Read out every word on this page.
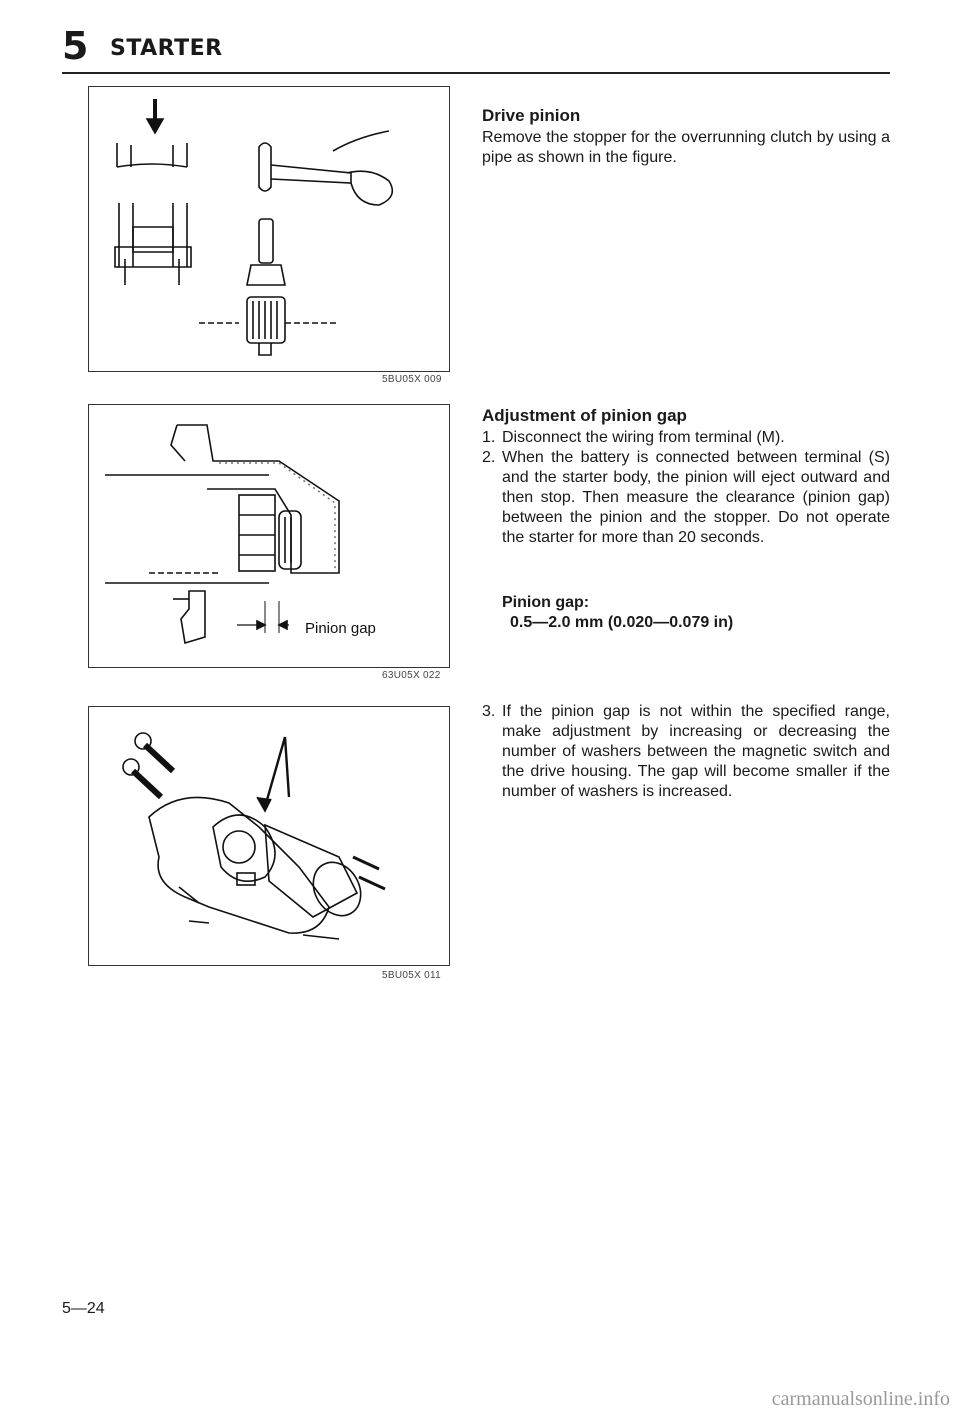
5 STARTER
5BU05X 009
Pinion gap
63U05X 022
5BU05X 011
Drive pinion
Remove the stopper for the overrunning clutch by using a pipe as shown in the figure.
Adjustment of pinion gap
1. Disconnect the wiring from terminal (M).
2. When the battery is connected between terminal (S) and the starter body, the pinion will eject outward and then stop. Then measure the clearance (pinion gap) between the pinion and the stopper. Do not operate the starter for more than 20 seconds.
Pinion gap:
0.5—2.0 mm (0.020—0.079 in)
3. If the pinion gap is not within the specified range, make adjustment by increasing or decreasing the number of washers between the magnetic switch and the drive housing. The gap will become smaller if the number of washers is increased.
5—24
carmanualsonline.info
